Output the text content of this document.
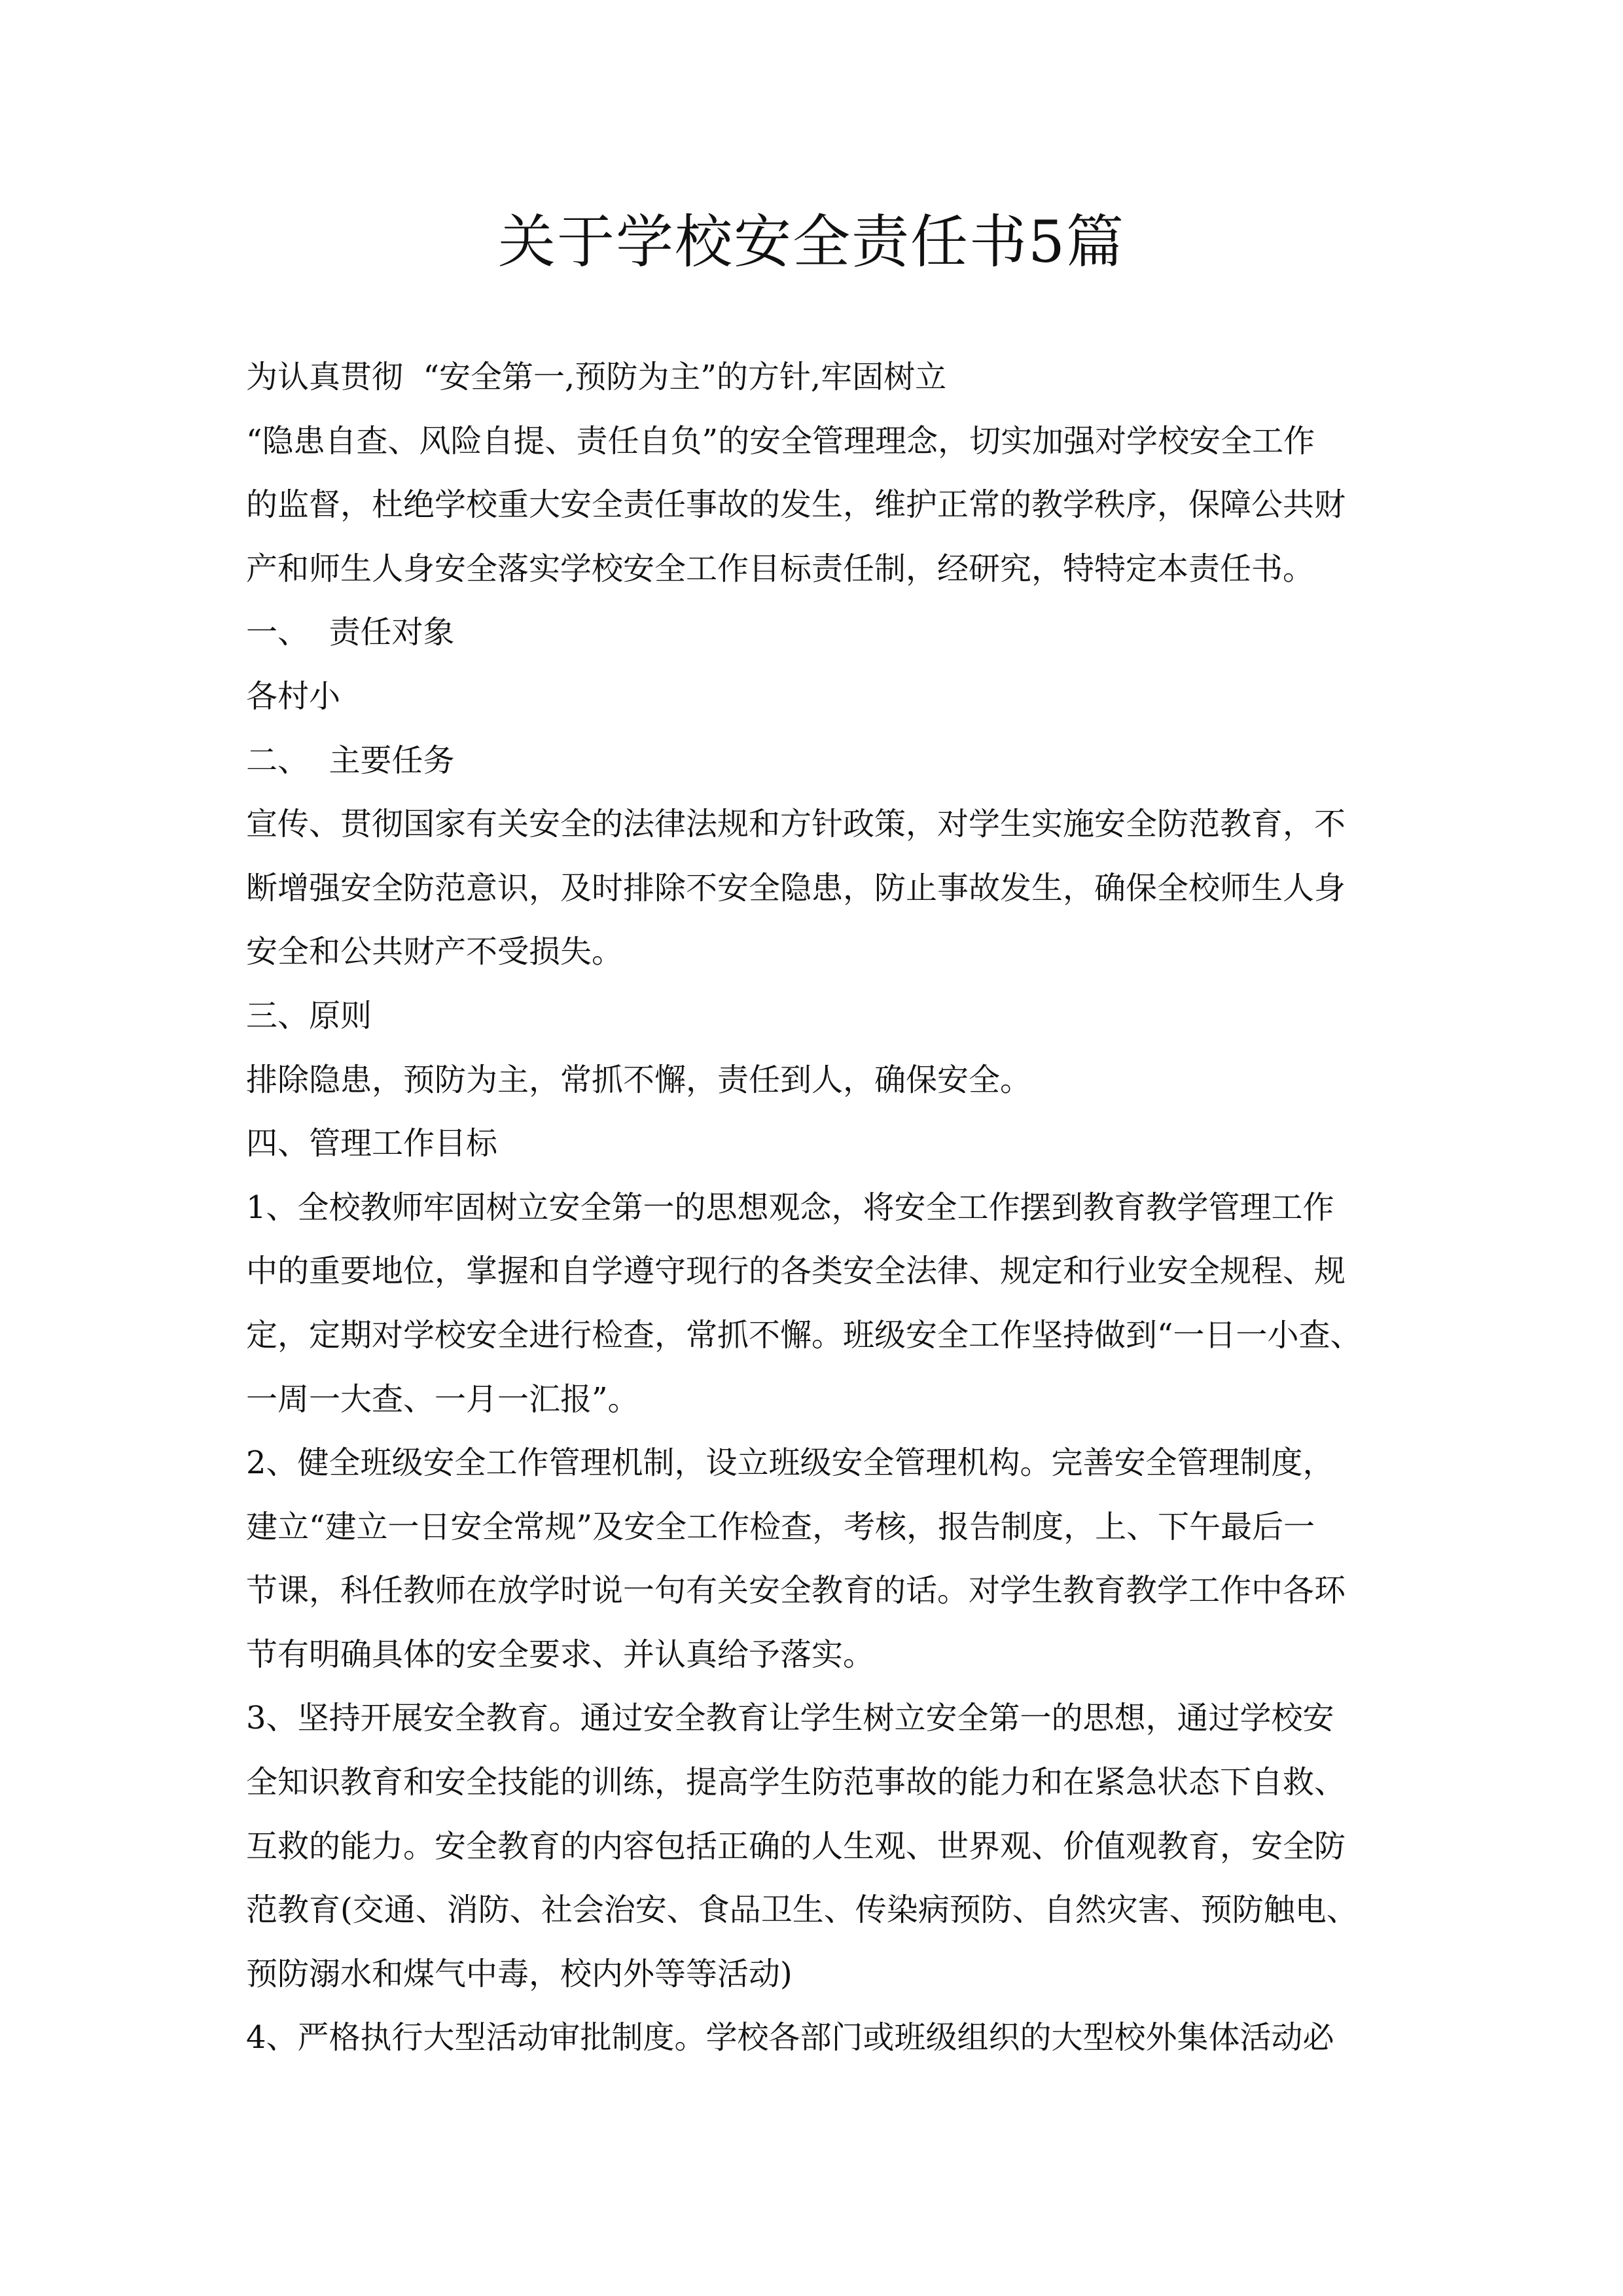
关于学校安全责任书5篇
为认真贯彻  “安全第一,预防为主”的方针,牢固树立
“隐患自查、风险自提、责任自负”的安全管理理念，切实加强对学校安全工作
的监督，杜绝学校重大安全责任事故的发生，维护正常的教学秩序，保障公共财
产和师生人身安全落实学校安全工作目标责任制，经研究，特特定本责任书。
一、  责任对象
各村小
二、  主要任务
宣传、贯彻国家有关安全的法律法规和方针政策，对学生实施安全防范教育，不
断增强安全防范意识，及时排除不安全隐患，防止事故发生，确保全校师生人身
安全和公共财产不受损失。
三、原则
排除隐患，预防为主，常抓不懈，责任到人，确保安全。
四、管理工作目标
1、全校教师牢固树立安全第一的思想观念，将安全工作摆到教育教学管理工作
中的重要地位，掌握和自学遵守现行的各类安全法律、规定和行业安全规程、规
定，定期对学校安全进行检查，常抓不懈。班级安全工作坚持做到“一日一小查、
一周一大查、一月一汇报”。
2、健全班级安全工作管理机制，设立班级安全管理机构。完善安全管理制度，
建立“建立一日安全常规”及安全工作检查，考核，报告制度，上、下午最后一
节课，科任教师在放学时说一句有关安全教育的话。对学生教育教学工作中各环
节有明确具体的安全要求、并认真给予落实。
3、坚持开展安全教育。通过安全教育让学生树立安全第一的思想，通过学校安
全知识教育和安全技能的训练，提高学生防范事故的能力和在紧急状态下自救、
互救的能力。安全教育的内容包括正确的人生观、世界观、价值观教育，安全防
范教育(交通、消防、社会治安、食品卫生、传染病预防、自然灾害、预防触电、
预防溺水和煤气中毒，校内外等等活动)
4、严格执行大型活动审批制度。学校各部门或班级组织的大型校外集体活动必
